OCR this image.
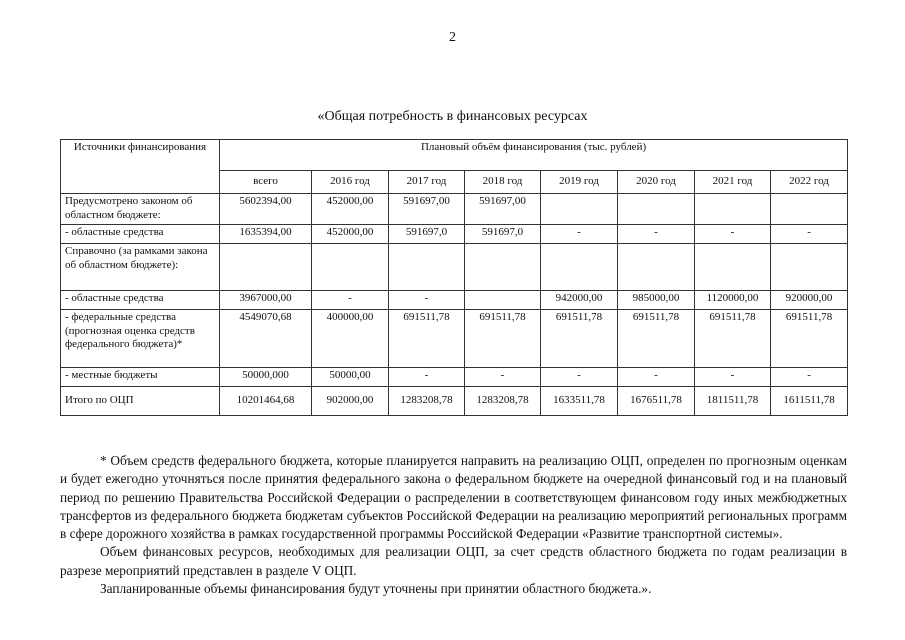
2
«Общая потребность в финансовых ресурсах
Источники финансирования	Плановый объём финансирования (тыс. рублей)							
	всего	2016 год	2017 год	2018 год	2019 год	2020 год	2021 год	2022 год
Предусмотрено законом об областном бюджете:	5602394,00	452000,00	591697,00	591697,00				
- областные средства	1635394,00	452000,00	591697,0	591697,0	-	-	-	-
Справочно (за рамками закона об областном бюджете):								
- областные средства	3967000,00	-	-		942000,00	985000,00	1120000,00	920000,00
- федеральные средства (прогнозная оценка средств федерального бюджета)*	4549070,68	400000,00	691511,78	691511,78	691511,78	691511,78	691511,78	691511,78
- местные бюджеты	50000,000	50000,00	-	-	-	-	-	-
Итого по ОЦП	10201464,68	902000,00	1283208,78	1283208,78	1633511,78	1676511,78	1811511,78	1611511,78

* Объем средств федерального бюджета, которые планируется направить на реализацию ОЦП, определен по прогнозным оценкам и будет ежегодно уточняться после принятия федерального закона о федеральном бюджете на очередной финансовый год и на плановый период по решению Правительства Российской Федерации о распределении в соответствующем финансовом году иных межбюджетных трансфертов из федерального бюджета бюджетам субъектов Российской Федерации на реализацию мероприятий региональных программ в сфере дорожного хозяйства в рамках государственной программы Российской Федерации «Развитие транспортной системы».

Объем финансовых ресурсов, необходимых для реализации ОЦП, за счет средств областного бюджета по годам реализации в разрезе мероприятий представлен в разделе V ОЦП.

Запланированные объемы финансирования будут уточнены при принятии областного бюджета.».
